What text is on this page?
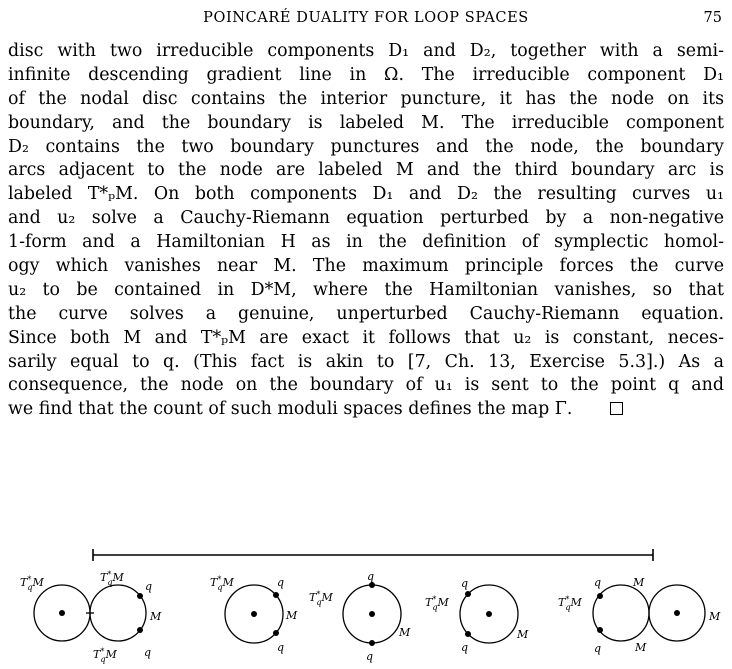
POINCARÉ DUALITY FOR LOOP SPACES	75
disc with two irreducible components D₁ and D₂, together with a semi-
infinite descending gradient line in Ω. The irreducible component D₁
of the nodal disc contains the interior puncture, it has the node on its
boundary, and the boundary is labeled M. The irreducible component
D₂ contains the two boundary punctures and the node, the boundary
arcs adjacent to the node are labeled M and the third boundary arc is
labeled T*ₚM. On both components D₁ and D₂ the resulting curves u₁
and u₂ solve a Cauchy-Riemann equation perturbed by a non-negative
1-form and a Hamiltonian H as in the definition of symplectic homol-
ogy which vanishes near M. The maximum principle forces the curve
u₂ to be contained in D*M, where the Hamiltonian vanishes, so that
the curve solves a genuine, unperturbed Cauchy-Riemann equation.
Since both M and T*ₚM are exact it follows that u₂ is constant, neces-
sarily equal to q. (This fact is akin to [7, Ch. 13, Exercise 5.3].) As a
consequence, the node on the boundary of u₁ is sent to the point q and
we find that the count of such moduli spaces defines the map Γ.
T* qM	T* qM
q
M
T* qM q
T* qM	q
M
q
T* qM
q
M
q
T* qM
q
M
q
T* qM
q	M
q	M
M
